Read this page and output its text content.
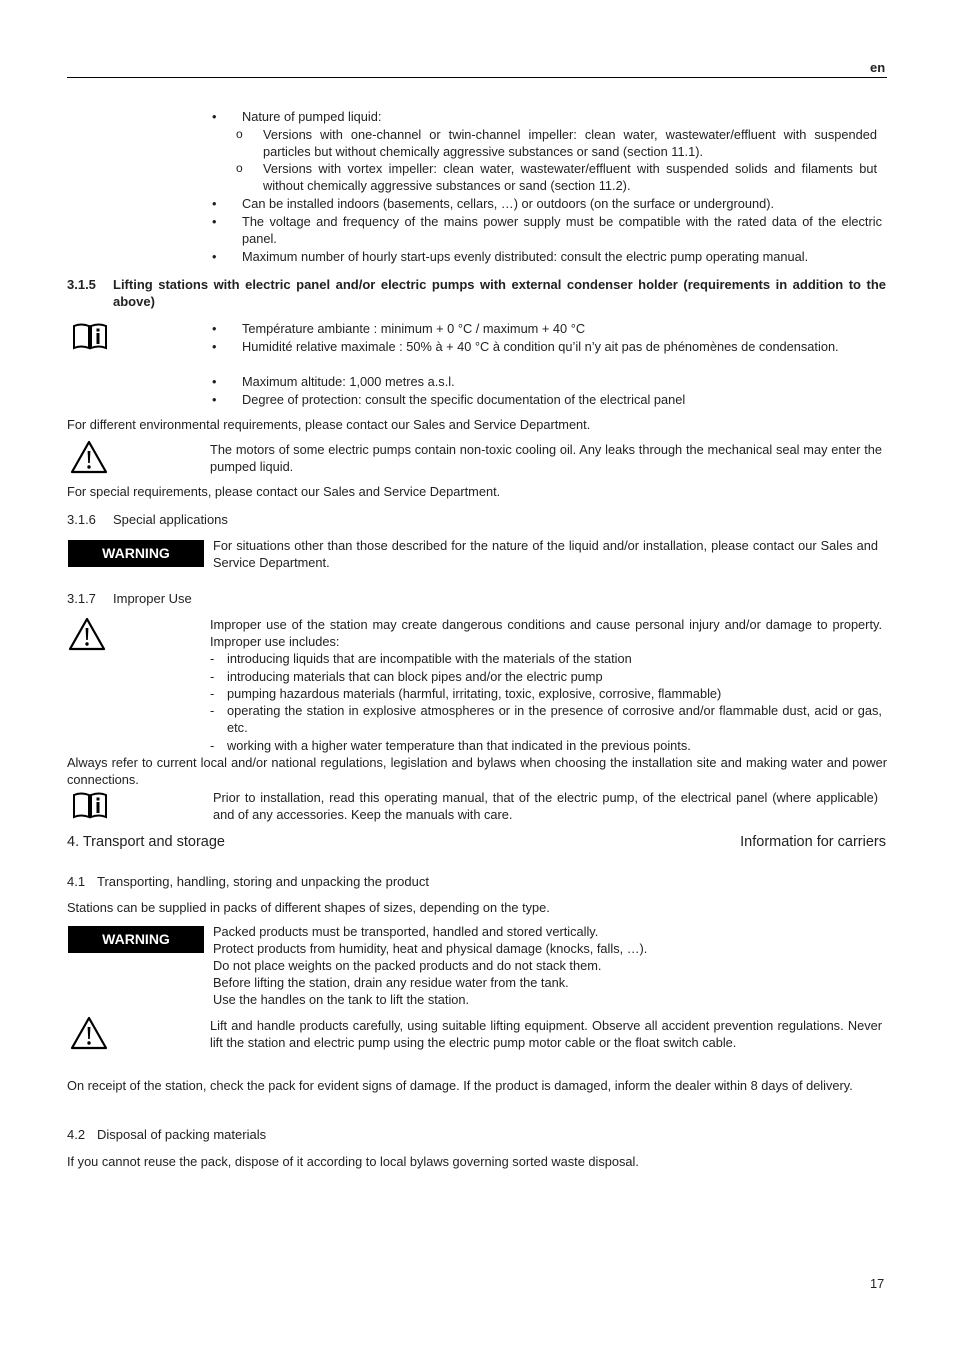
en
•	Nature of pumped liquid:
o Versions with one-channel or twin-channel impeller: clean water, wastewater/effluent with suspended particles but without chemically aggressive substances or sand (section 11.1).
o Versions with vortex impeller: clean water, wastewater/effluent with suspended solids and filaments but without chemically aggressive substances or sand (section 11.2).
•	Can be installed indoors (basements, cellars, …) or outdoors (on the surface or underground).
•	The voltage and frequency of the mains power supply must be compatible with the rated data of the electric panel.
•	Maximum number of hourly start-ups evenly distributed: consult the electric pump operating manual.
3.1.5	Lifting stations with electric panel and/or electric pumps with external condenser holder (requirements in addition to the above)
•	Température ambiante : minimum + 0 °C / maximum + 40 °C
•	Humidité relative maximale : 50% à + 40 °C à condition qu’il n’y ait pas de phénomènes de condensation.
•	Maximum altitude: 1,000 metres a.s.l.
•	Degree of protection: consult the specific documentation of the electrical panel
For different environmental requirements, please contact our Sales and Service Department.
The motors of some electric pumps contain non-toxic cooling oil. Any leaks through the mechanical seal may enter the pumped liquid.
For special requirements, please contact our Sales and Service Department.
3.1.6	Special applications
WARNING	For situations other than those described for the nature of the liquid and/or installation, please contact our Sales and Service Department.
3.1.7	Improper Use
Improper use of the station may create dangerous conditions and cause personal injury and/or damage to property. Improper use includes:
- introducing liquids that are incompatible with the materials of the station
- introducing materials that can block pipes and/or the electric pump
- pumping hazardous materials (harmful, irritating, toxic, explosive, corrosive, flammable)
- operating the station in explosive atmospheres or in the presence of corrosive and/or flammable dust, acid or gas, etc.
- working with a higher water temperature than that indicated in the previous points.
Always refer to current local and/or national regulations, legislation and bylaws when choosing the installation site and making water and power connections.
Prior to installation, read this operating manual, that of the electric pump, of the electrical panel (where applicable) and of any accessories. Keep the manuals with care.
4. Transport and storage	Information for carriers
4.1 Transporting, handling, storing and unpacking the product
Stations can be supplied in packs of different shapes of sizes, depending on the type.
WARNING	Packed products must be transported, handled and stored vertically.
Protect products from humidity, heat and physical damage (knocks, falls, …).
Do not place weights on the packed products and do not stack them.
Before lifting the station, drain any residue water from the tank.
Use the handles on the tank to lift the station.
Lift and handle products carefully, using suitable lifting equipment. Observe all accident prevention regulations. Never lift the station and electric pump using the electric pump motor cable or the float switch cable.
On receipt of the station, check the pack for evident signs of damage. If the product is damaged, inform the dealer within 8 days of delivery.
4.2 Disposal of packing materials
If you cannot reuse the pack, dispose of it according to local bylaws governing sorted waste disposal.
17
